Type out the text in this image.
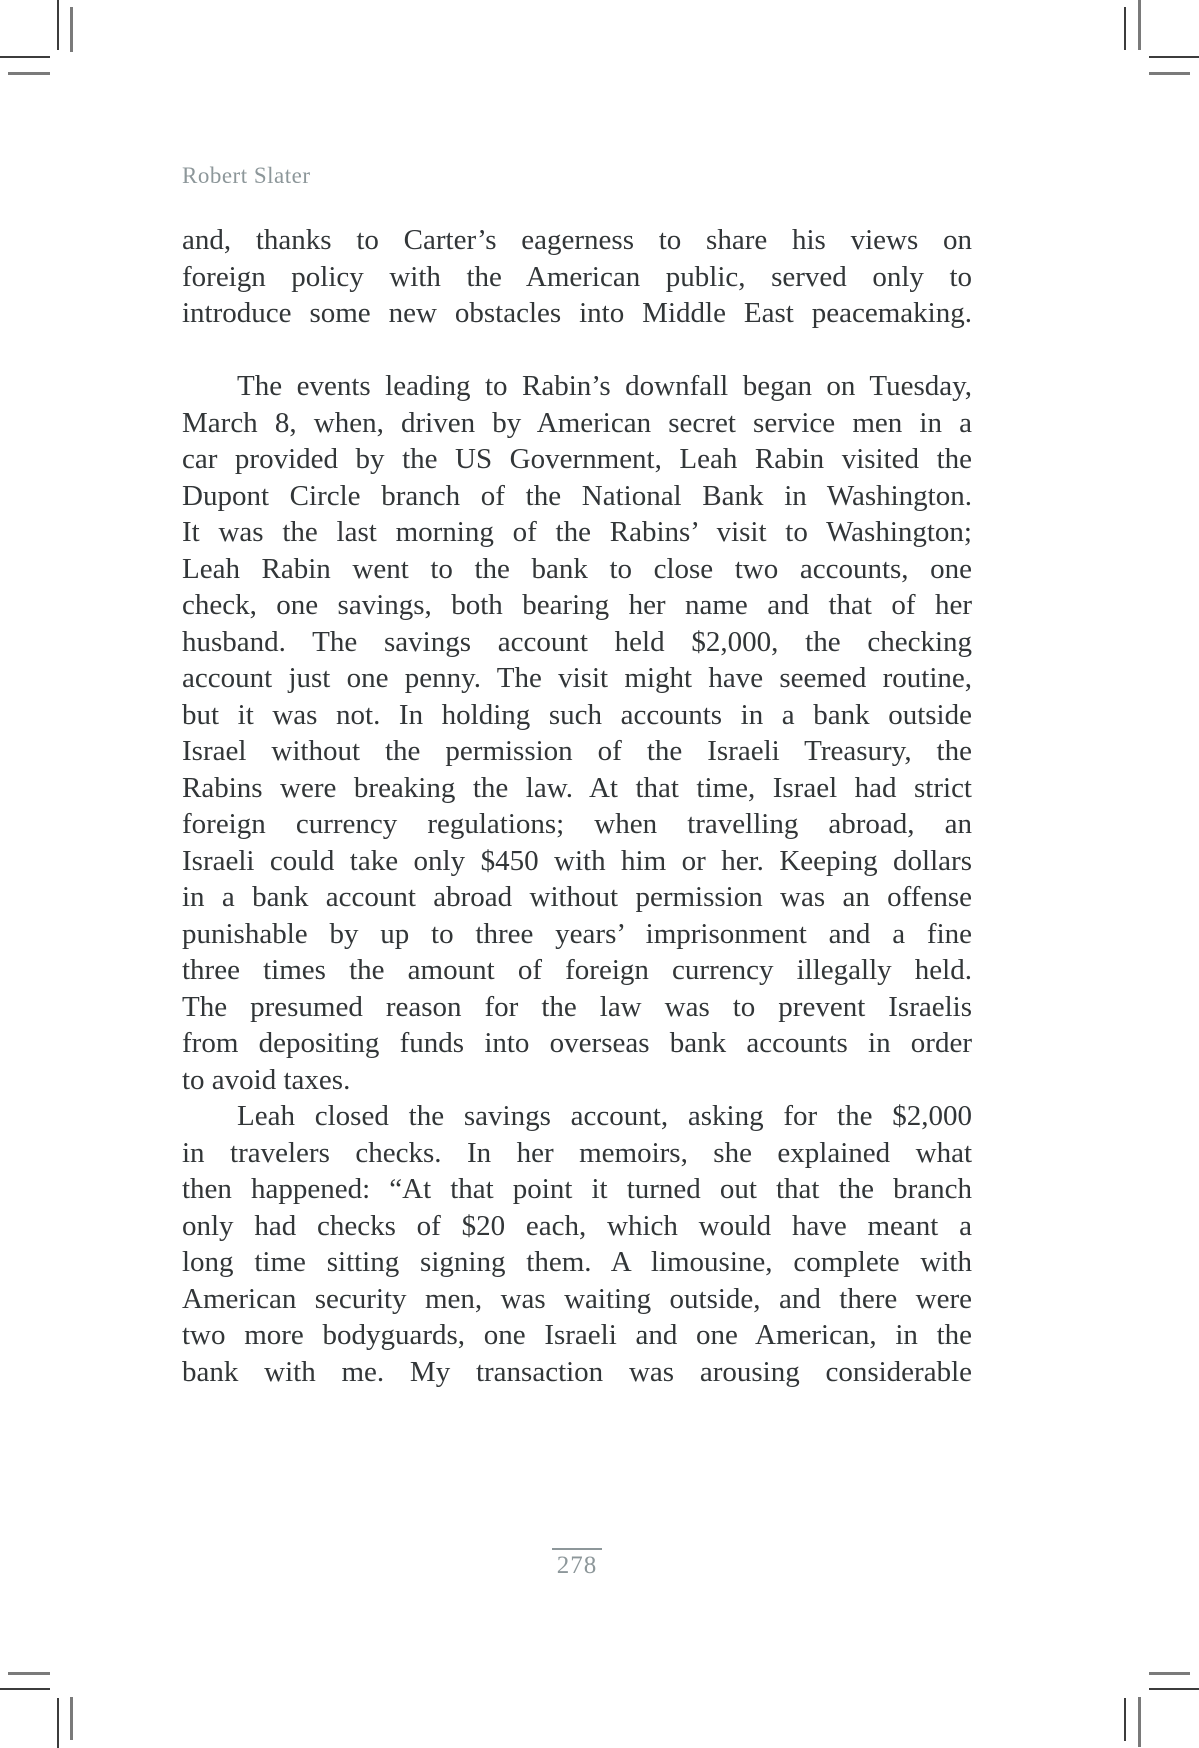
Robert Slater
and, thanks to Carter’s eagerness to share his views on
foreign policy with the American public, served only to
introduce some new obstacles into Middle East peacemaking.
The events leading to Rabin’s downfall began on Tuesday,
March 8, when, driven by American secret service men in a
car provided by the US Government, Leah Rabin visited the
Dupont Circle branch of the National Bank in Washington.
It was the last morning of the Rabins’ visit to Washington;
Leah Rabin went to the bank to close two accounts, one
check, one savings, both bearing her name and that of her
husband. The savings account held $2,000, the checking
account just one penny. The visit might have seemed routine,
but it was not. In holding such accounts in a bank outside
Israel without the permission of the Israeli Treasury, the
Rabins were breaking the law. At that time, Israel had strict
foreign currency regulations; when travelling abroad, an
Israeli could take only $450 with him or her. Keeping dollars
in a bank account abroad without permission was an offense
punishable by up to three years’ imprisonment and a fine
three times the amount of foreign currency illegally held.
The presumed reason for the law was to prevent Israelis
from depositing funds into overseas bank accounts in order
to avoid taxes.
Leah closed the savings account, asking for the $2,000
in travelers checks. In her memoirs, she explained what
then happened: “At that point it turned out that the branch
only had checks of $20 each, which would have meant a
long time sitting signing them. A limousine, complete with
American security men, was waiting outside, and there were
two more bodyguards, one Israeli and one American, in the
bank with me. My transaction was arousing considerable
278
